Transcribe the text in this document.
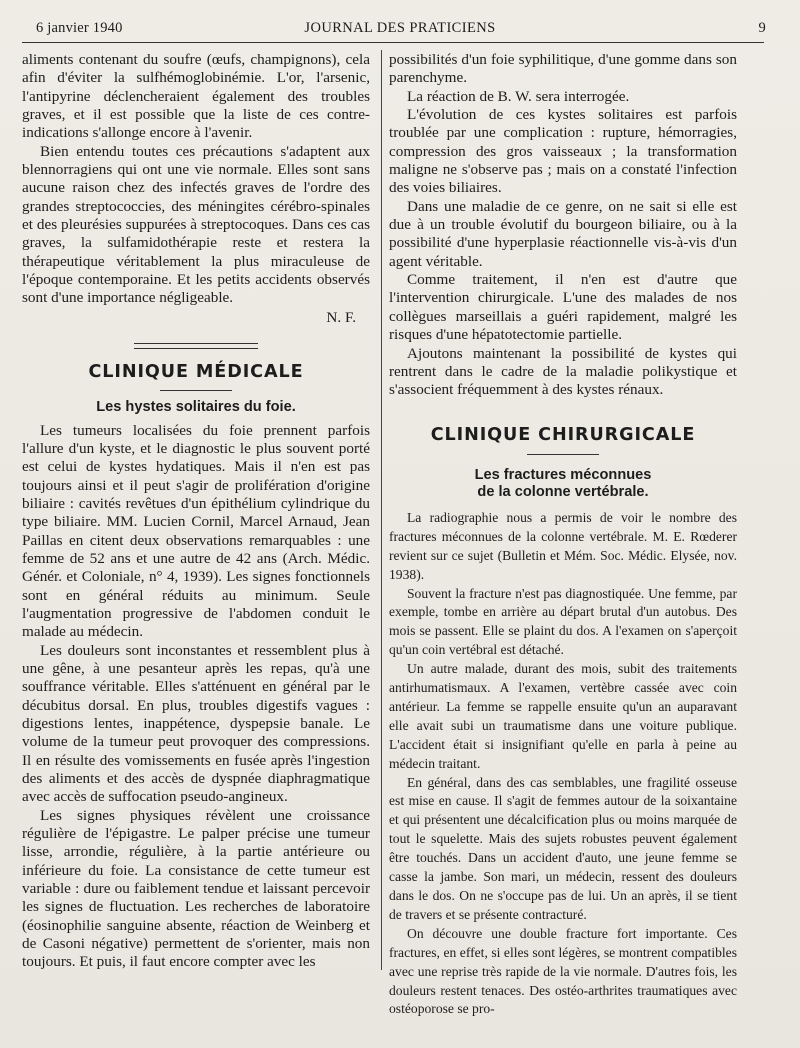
6 janvier 1940	JOURNAL DES PRATICIENS	9

aliments contenant du soufre (œufs, champignons), cela afin d'éviter la sulfhémoglobinémie. L'or, l'arsenic, l'antipyrine déclencheraient également des troubles graves, et il est possible que la liste de ces contre-indications s'allonge encore à l'avenir.

Bien entendu toutes ces précautions s'adaptent aux blennorragiens qui ont une vie normale. Elles sont sans aucune raison chez des infectés graves de l'ordre des grandes streptococcies, des méningites cérébro-spinales et des pleurésies suppurées à streptocoques. Dans ces cas graves, la sulfamidothérapie reste et restera la thérapeutique véritablement la plus miraculeuse de l'époque contemporaine. Et les petits accidents observés sont d'une importance négligeable.

N. F.
CLINIQUE MÉDICALE
Les hystes solitaires du foie.

Les tumeurs localisées du foie prennent parfois l'allure d'un kyste, et le diagnostic le plus souvent porté est celui de kystes hydatiques. Mais il n'en est pas toujours ainsi et il peut s'agir de prolifération d'origine biliaire : cavités revêtues d'un épithélium cylindrique du type biliaire. MM. Lucien Cornil, Marcel Arnaud, Jean Paillas en citent deux observations remarquables : une femme de 52 ans et une autre de 42 ans (Arch. Médic. Génér. et Coloniale, n° 4, 1939). Les signes fonctionnels sont en général réduits au minimum. Seule l'augmentation progressive de l'abdomen conduit le malade au médecin.

Les douleurs sont inconstantes et ressemblent plus à une gêne, à une pesanteur après les repas, qu'à une souffrance véritable. Elles s'atténuent en général par le décubitus dorsal. En plus, troubles digestifs vagues : digestions lentes, inappétence, dyspepsie banale. Le volume de la tumeur peut provoquer des compressions. Il en résulte des vomissements en fusée après l'ingestion des aliments et des accès de dyspnée diaphragmatique avec accès de suffocation pseudo-angineux.

Les signes physiques révèlent une croissance régulière de l'épigastre. Le palper précise une tumeur lisse, arrondie, régulière, à la partie antérieure ou inférieure du foie. La consistance de cette tumeur est variable : dure ou faiblement tendue et laissant percevoir les signes de fluctuation. Les recherches de laboratoire (éosinophilie sanguine absente, réaction de Weinberg et de Casoni négative) permettent de s'orienter, mais non toujours. Et puis, il faut encore compter avec les

possibilités d'un foie syphilitique, d'une gomme dans son parenchyme.

La réaction de B. W. sera interrogée.

L'évolution de ces kystes solitaires est parfois troublée par une complication : rupture, hémorragies, compression des gros vaisseaux ; la transformation maligne ne s'observe pas ; mais on a constaté l'infection des voies biliaires.

Dans une maladie de ce genre, on ne sait si elle est due à un trouble évolutif du bourgeon biliaire, ou à la possibilité d'une hyperplasie réactionnelle vis-à-vis d'un agent véritable.

Comme traitement, il n'en est d'autre que l'intervention chirurgicale. L'une des malades de nos collègues marseillais a guéri rapidement, malgré les risques d'une hépatotectomie partielle.

Ajoutons maintenant la possibilité de kystes qui rentrent dans le cadre de la maladie polikystique et s'associent fréquemment à des kystes rénaux.

CLINIQUE CHIRURGICALE
Les fractures méconnues
de la colonne vertébrale.

La radiographie nous a permis de voir le nombre des fractures méconnues de la colonne vertébrale. M. E. Rœderer revient sur ce sujet (Bulletin et Mém. Soc. Médic. Elysée, nov. 1938).

Souvent la fracture n'est pas diagnostiquée. Une femme, par exemple, tombe en arrière au départ brutal d'un autobus. Des mois se passent. Elle se plaint du dos. A l'examen on s'aperçoit qu'un coin vertébral est détaché.

Un autre malade, durant des mois, subit des traitements antirhumatismaux. A l'examen, vertèbre cassée avec coin antérieur. La femme se rappelle ensuite qu'un an auparavant elle avait subi un traumatisme dans une voiture publique. L'accident était si insignifiant qu'elle en parla à peine au médecin traitant.

En général, dans des cas semblables, une fragilité osseuse est mise en cause. Il s'agit de femmes autour de la soixantaine et qui présentent une décalcification plus ou moins marquée de tout le squelette. Mais des sujets robustes peuvent également être touchés. Dans un accident d'auto, une jeune femme se casse la jambe. Son mari, un médecin, ressent des douleurs dans le dos. On ne s'occupe pas de lui. Un an après, il se tient de travers et se présente contracturé.

On découvre une double fracture fort importante. Ces fractures, en effet, si elles sont légères, se montrent compatibles avec une reprise très rapide de la vie normale. D'autres fois, les douleurs restent tenaces. Des ostéo-arthrites traumatiques avec ostéoporose se pro-
